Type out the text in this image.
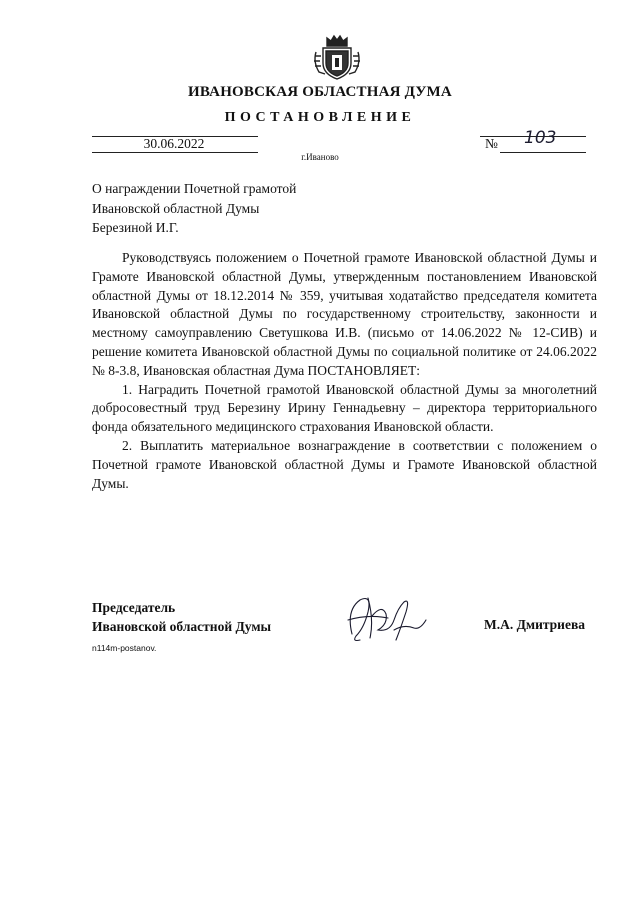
ИВАНОВСКАЯ ОБЛАСТНАЯ ДУМА
ПОСТАНОВЛЕНИЕ
30.06.2022	№ 103
г.Иваново
О награждении Почетной грамотой
Ивановской областной Думы
Березиной И.Г.

Руководствуясь положением о Почетной грамоте Ивановской областной Думы и Грамоте Ивановской областной Думы, утвержденным постановлением Ивановской областной Думы от 18.12.2014 № 359, учитывая ходатайство председателя комитета Ивановской областной Думы по государственному строительству, законности и местному самоуправлению Светушкова И.В. (письмо от 14.06.2022 № 12-СИВ) и решение комитета Ивановской областной Думы по социальной политике от 24.06.2022 № 8-3.8, Ивановская областная Дума ПОСТАНОВЛЯЕТ:

1. Наградить Почетной грамотой Ивановской областной Думы за многолетний добросовестный труд Березину Ирину Геннадьевну – директора территориального фонда обязательного медицинского страхования Ивановской области.

2. Выплатить материальное вознаграждение в соответствии с положением о Почетной грамоте Ивановской областной Думы и Грамоте Ивановской областной Думы.

Председатель
Ивановской областной Думы	М.А. Дмитриева
n114m-postanov.
